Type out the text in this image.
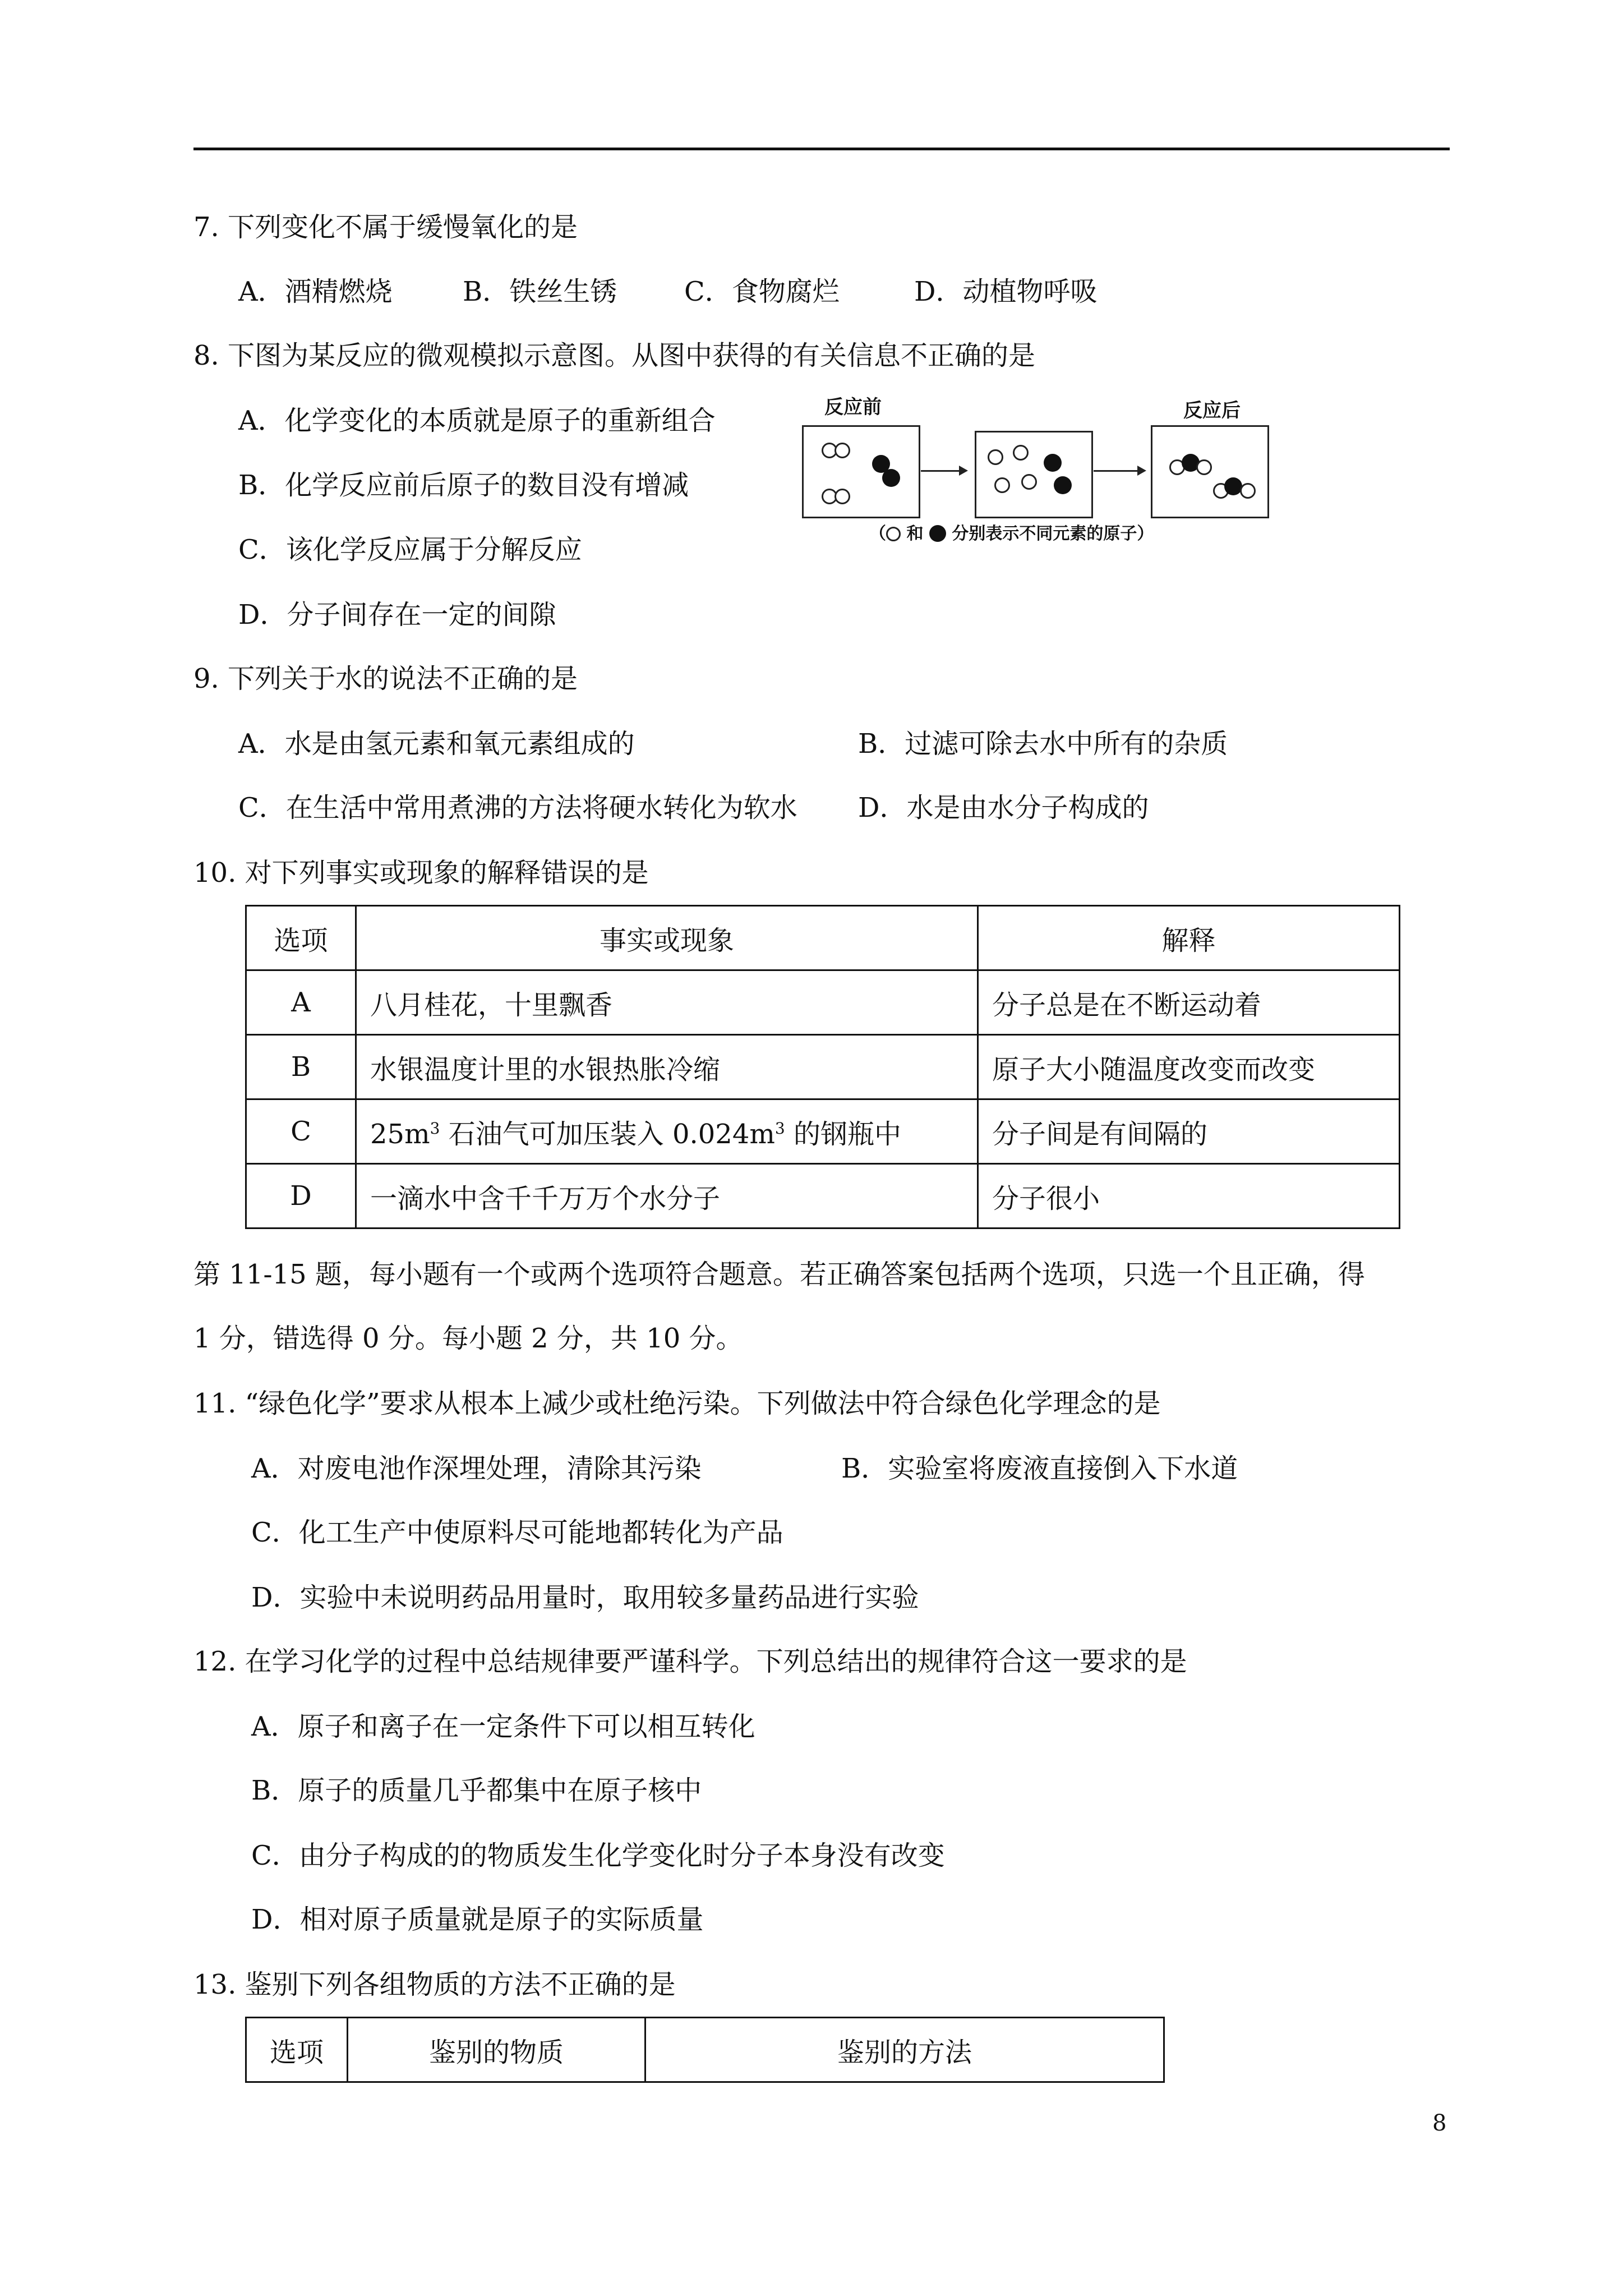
7. 下列变化不属于缓慢氧化的是
A．酒精燃烧	B．铁丝生锈 C．食物腐烂	D．动植物呼吸
8. 下图为某反应的微观模拟示意图。从图中获得的有关信息不正确的是
A．化学变化的本质就是原子的重新组合
B．化学反应前后原子的数目没有增减
C．该化学反应属于分解反应
D．分子间存在一定的间隙
反应前	反应后
（ 和 分别表示不同元素的原子）
9. 下列关于水的说法不正确的是
A．水是由氢元素和氧元素组成的	B．过滤可除去水中所有的杂质
C．在生活中常用煮沸的方法将硬水转化为软水 D．水是由水分子构成的
10. 对下列事实或现象的解释错误的是
选项	事实或现象	解释
A	八月桂花，十里飘香	分子总是在不断运动着
B	水银温度计里的水银热胀冷缩	原子大小随温度改变而改变
C	$25m^3$ 石油气可加压装入 $0.024m^3$ 的钢瓶中	分子间是有间隔的
D	一滴水中含千千万万个水分子	分子很小
第 11-15 题，每小题有一个或两个选项符合题意。若正确答案包括两个选项，只选一个且正确，得
1 分，错选得 0 分。每小题 2 分，共 10 分。
11. “绿色化学”要求从根本上减少或杜绝污染。下列做法中符合绿色化学理念的是
A．对废电池作深埋处理，清除其污染	B．实验室将废液直接倒入下水道
C．化工生产中使原料尽可能地都转化为产品
D．实验中未说明药品用量时，取用较多量药品进行实验
12. 在学习化学的过程中总结规律要严谨科学。下列总结出的规律符合这一要求的是
A．原子和离子在一定条件下可以相互转化
B．原子的质量几乎都集中在原子核中
C．由分子构成的的物质发生化学变化时分子本身没有改变
D．相对原子质量就是原子的实际质量
13. 鉴别下列各组物质的方法不正确的是
选项	鉴别的物质	鉴别的方法
8
